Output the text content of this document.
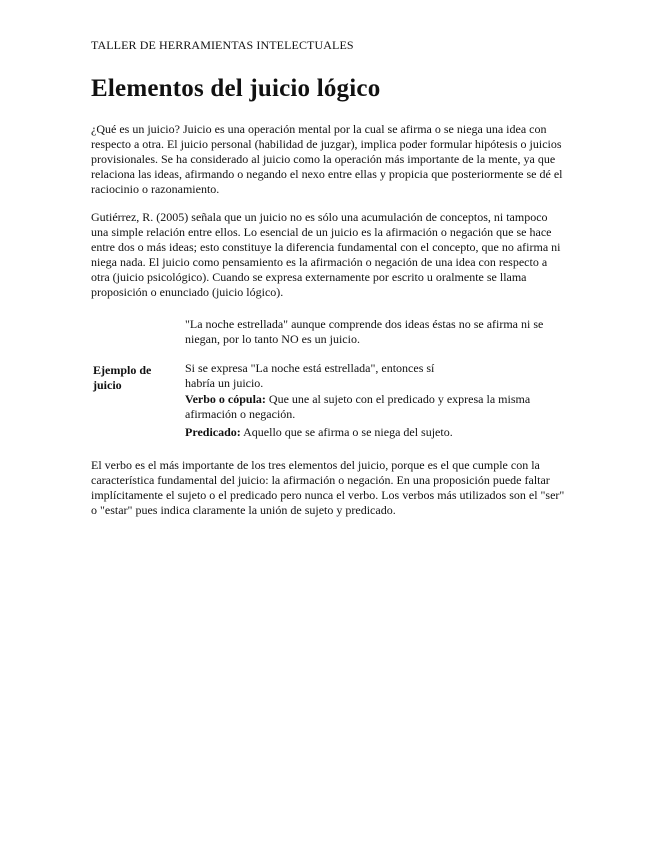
TALLER DE HERRAMIENTAS INTELECTUALES
Elementos del juicio lógico

¿Qué es un juicio? Juicio es una operación mental por la cual se afirma o se niega una idea con respecto a otra. El juicio personal (habilidad de juzgar), implica poder formular hipótesis o juicios provisionales. Se ha considerado al juicio como la operación más importante de la mente, ya que relaciona las ideas, afirmando o negando el nexo entre ellas y propicia que posteriormente se dé el raciocinio o razonamiento.

Gutiérrez, R. (2005) señala que un juicio no es sólo una acumulación de conceptos, ni tampoco una simple relación entre ellos. Lo esencial de un juicio es la afirmación o negación que se hace entre dos o más ideas; esto constituye la diferencia fundamental con el concepto, que no afirma ni niega nada. El juicio como pensamiento es la afirmación o negación de una idea con respecto a otra (juicio psicológico). Cuando se expresa externamente por escrito u oralmente se llama proposición o enunciado (juicio lógico).

Ejemplo de juicio

"La noche estrellada" aunque comprende dos ideas éstas no se afirma ni se niegan, por lo tanto NO es un juicio.

Si se expresa "La noche está estrellada", entonces sí habría un juicio.

Verbo o cópula: Que une al sujeto con el predicado y expresa la misma afirmación o negación.

Predicado: Aquello que se afirma o se niega del sujeto.

El verbo es el más importante de los tres elementos del juicio, porque es el que cumple con la característica fundamental del juicio: la afirmación o negación. En una proposición puede faltar implícitamente el sujeto o el predicado pero nunca el verbo. Los verbos más utilizados son el "ser" o "estar" pues indica claramente la unión de sujeto y predicado.
